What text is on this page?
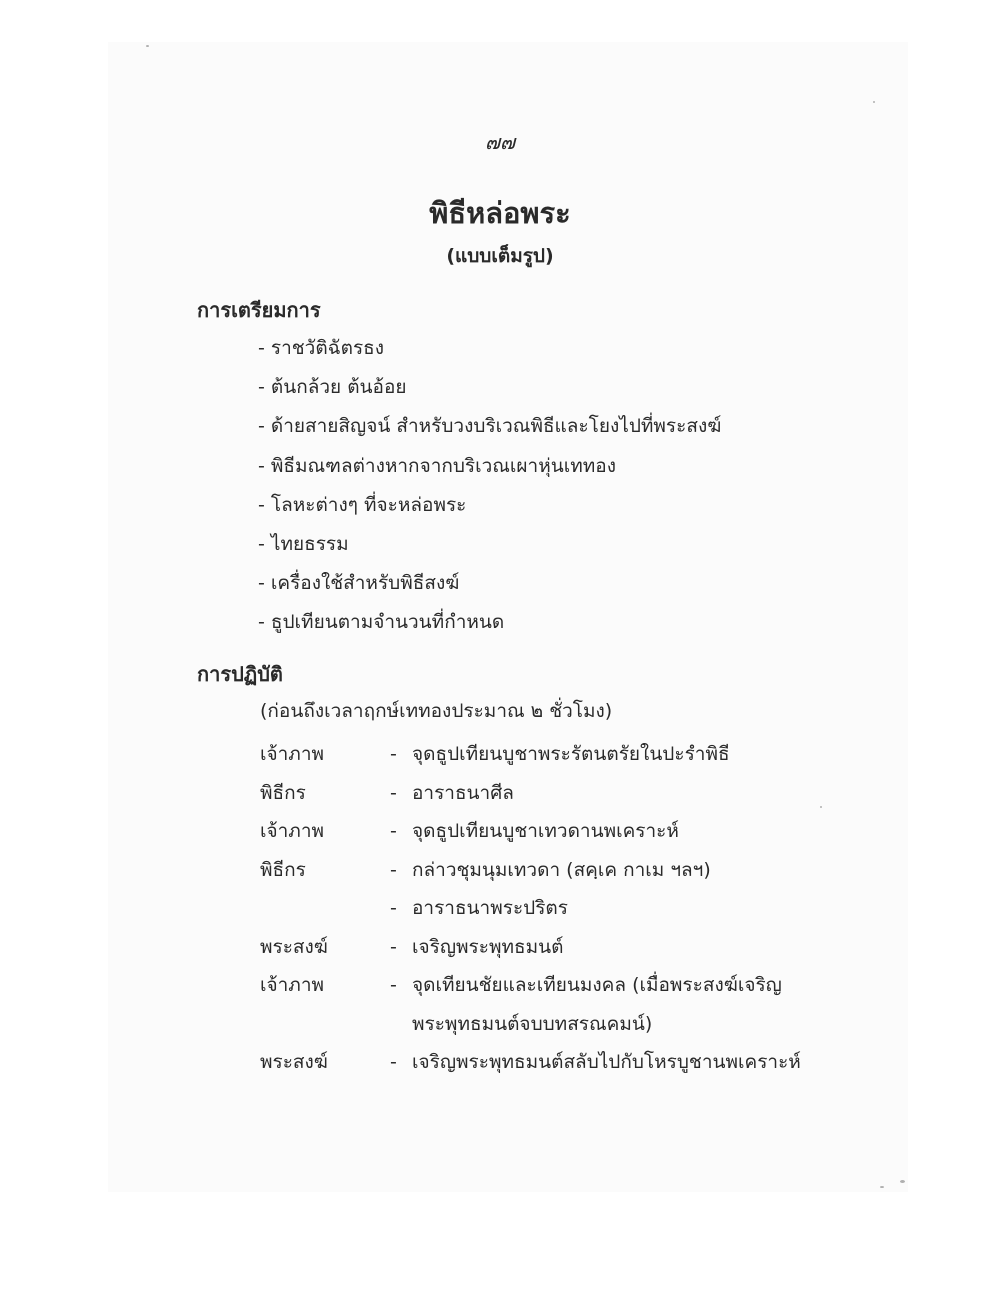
๗๗
พิธีหล่อพระ
(แบบเต็มรูป)
การเตรียมการ
- ราชวัติฉัตรธง
- ต้นกล้วย ต้นอ้อย
- ด้ายสายสิญจน์ สำหรับวงบริเวณพิธีและโยงไปที่พระสงฆ์
- พิธีมณฑลต่างหากจากบริเวณเผาหุ่นเททอง
- โลหะต่างๆ ที่จะหล่อพระ
- ไทยธรรม
- เครื่องใช้สำหรับพิธีสงฆ์
- ธูปเทียนตามจำนวนที่กำหนด
การปฏิบัติ
(ก่อนถึงเวลาฤกษ์เททองประมาณ ๒ ชั่วโมง)
เจ้าภาพ	- จุดธูปเทียนบูชาพระรัตนตรัยในปะรำพิธี
พิธีกร	- อาราธนาศีล
เจ้าภาพ	- จุดธูปเทียนบูชาเทวดานพเคราะห์
พิธีกร	- กล่าวชุมนุมเทวดา (สคฺเค กาเม ฯลฯ)
- อาราธนาพระปริตร
พระสงฆ์	- เจริญพระพุทธมนต์
เจ้าภาพ	- จุดเทียนชัยและเทียนมงคล (เมื่อพระสงฆ์เจริญพระพุทธมนต์จบบทสรณคมน์)
พระสงฆ์	- เจริญพระพุทธมนต์สลับไปกับโหรบูชานพเคราะห์
